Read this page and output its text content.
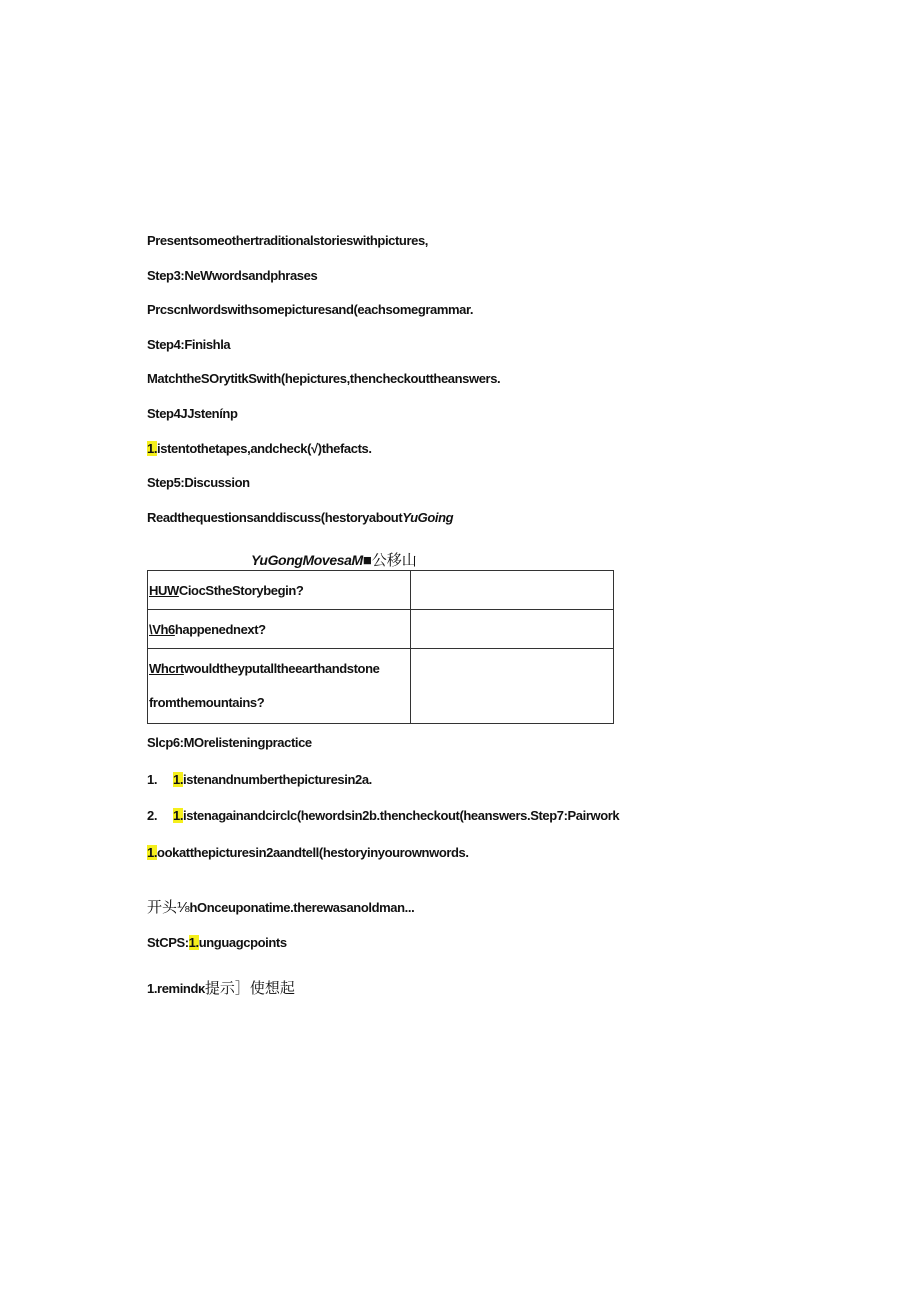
Presentsomeothertraditionalstorieswithpictures,
Step3:NeWwordsandphrases
Prcscnlwordswithsomepicturesand(eachsomegrammar.
Step4:Finishla
MatchtheSOrytitkSwith(hepictures,thencheckouttheanswers.
Step4JJstenínp
1.istentothetapes,andcheck(√)thefacts.
Step5:Discussion
Readthequestionsanddiscuss(hestoryaboutYuGoing
YuGongMovesaM■公移山
HUWCiocStheStorybegin?	
\Vh6happenednext?	
Whcrtwouldtheyputalltheearthandstone
fromthemountains?	
Slcp6:MOrelisteningpractice
1. 1.istenandnumberthepicturesin2a.
2. 1.istenagainandcirclc(hewordsin2b.thencheckout(heanswers.Step7:Pairwork
1.ookatthepicturesin2aandtell(hestoryinyourownwords.
开头⅛hOnceuponatime.therewasanoldman...
StCPS:1.unguagcpoints
1.remindκ提示］使想起
